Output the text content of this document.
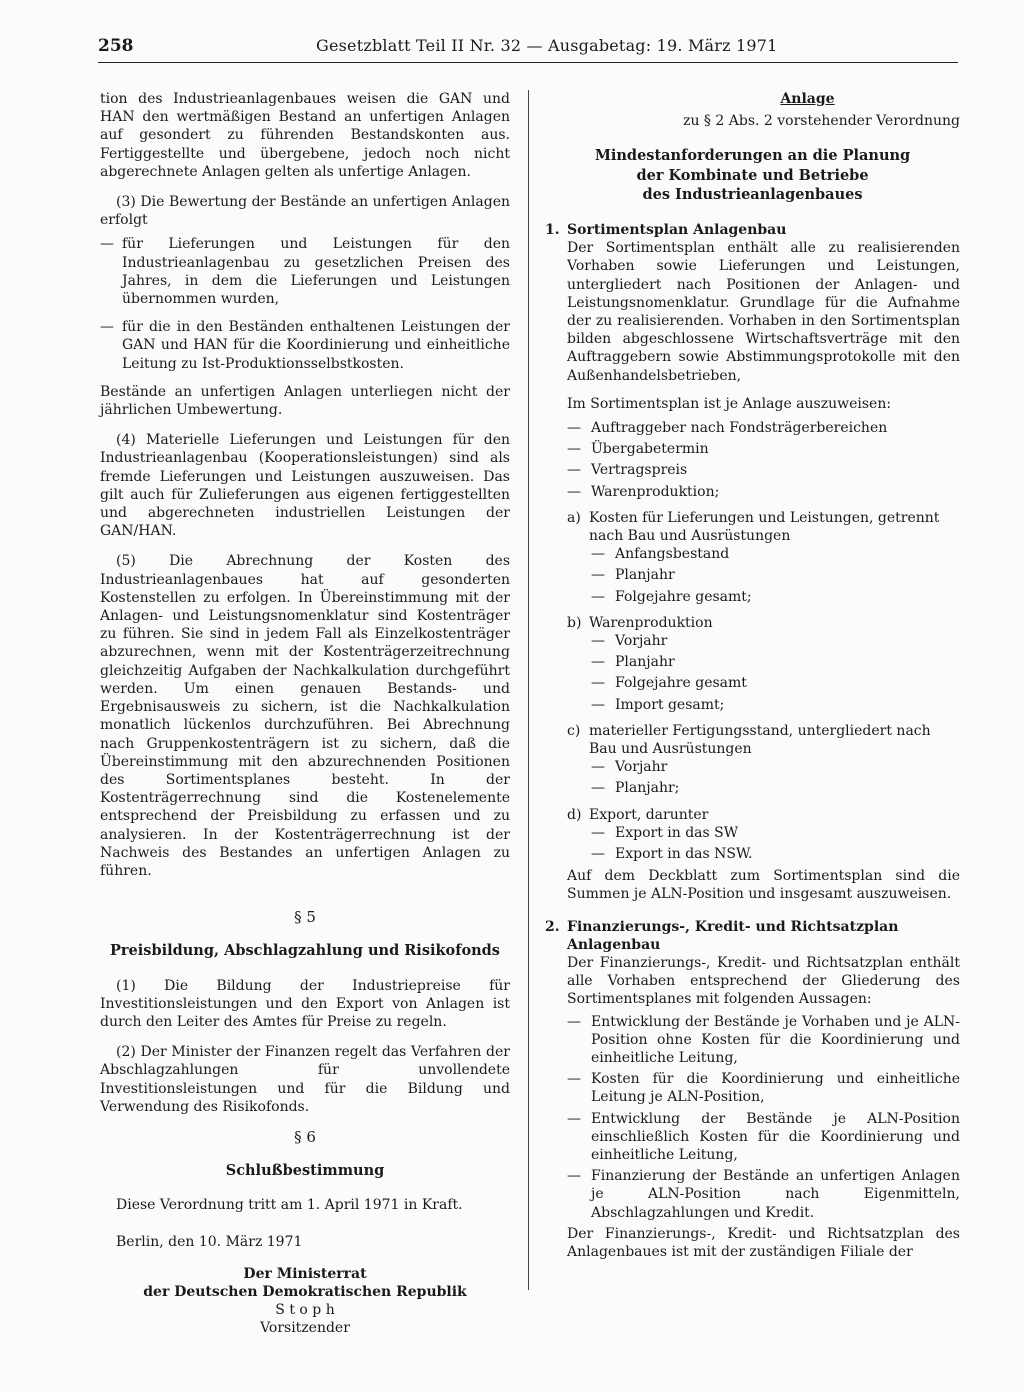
258	Gesetzblatt Teil II Nr. 32 — Ausgabetag: 19. März 1971

tion des Industrieanlagenbaues weisen die GAN und HAN den wertmäßigen Bestand an unfertigen Anlagen auf gesondert zu führenden Bestandskonten aus. Fertiggestellte und übergebene, jedoch noch nicht abgerechnete Anlagen gelten als unfertige Anlagen.

(3) Die Bewertung der Bestände an unfertigen Anlagen erfolgt

— für Lieferungen und Leistungen für den Industrieanlagenbau zu gesetzlichen Preisen des Jahres, in dem die Lieferungen und Leistungen übernommen wurden,
— für die in den Beständen enthaltenen Leistungen der GAN und HAN für die Koordinierung und einheitliche Leitung zu Ist-Produktionsselbstkosten.

Bestände an unfertigen Anlagen unterliegen nicht der jährlichen Umbewertung.

(4) Materielle Lieferungen und Leistungen für den Industrieanlagenbau (Kooperationsleistungen) sind als fremde Lieferungen und Leistungen auszuweisen. Das gilt auch für Zulieferungen aus eigenen fertiggestellten und abgerechneten industriellen Leistungen der GAN/HAN.

(5) Die Abrechnung der Kosten des Industrieanlagenbaues hat auf gesonderten Kostenstellen zu erfolgen. In Übereinstimmung mit der Anlagen- und Leistungsnomenklatur sind Kostenträger zu führen. Sie sind in jedem Fall als Einzelkostenträger abzurechnen, wenn mit der Kostenträgerzeitrechnung gleichzeitig Aufgaben der Nachkalkulation durchgeführt werden. Um einen genauen Bestands- und Ergebnisausweis zu sichern, ist die Nachkalkulation monatlich lückenlos durchzuführen. Bei Abrechnung nach Gruppenkostenträgern ist zu sichern, daß die Übereinstimmung mit den abzurechnenden Positionen des Sortimentsplanes besteht. In der Kostenträgerrechnung sind die Kostenelemente entsprechend der Preisbildung zu erfassen und zu analysieren. In der Kostenträgerrechnung ist der Nachweis des Bestandes an unfertigen Anlagen zu führen.

§ 5
Preisbildung, Abschlagzahlung und Risikofonds

(1) Die Bildung der Industriepreise für Investitionsleistungen und den Export von Anlagen ist durch den Leiter des Amtes für Preise zu regeln.

(2) Der Minister der Finanzen regelt das Verfahren der Abschlagzahlungen für unvollendete Investitionsleistungen und für die Bildung und Verwendung des Risikofonds.

§ 6
Schlußbestimmung

Diese Verordnung tritt am 1. April 1971 in Kraft.

Berlin, den 10. März 1971

Der Ministerrat

der Deutschen Demokratischen Republik

S t o p h

Vorsitzender

Anlage

zu § 2 Abs. 2 vorstehender Verordnung

Mindestanforderungen an die Planung
der Kombinate und Betriebe
des Industrieanlagenbaues
1. Sortimentsplan Anlagenbau

Der Sortimentsplan enthält alle zu realisierenden Vorhaben sowie Lieferungen und Leistungen, untergliedert nach Positionen der Anlagen- und Leistungsnomenklatur. Grundlage für die Aufnahme der zu realisierenden. Vorhaben in den Sortimentsplan bilden abgeschlossene Wirtschaftsverträge mit den Auftraggebern sowie Abstimmungsprotokolle mit den Außenhandelsbetrieben,

Im Sortimentsplan ist je Anlage auszuweisen:

— Auftraggeber nach Fondsträgerbereichen
— Übergabetermin
— Vertragspreis
— Warenproduktion;
a) Kosten für Lieferungen und Leistungen, getrennt nach Bau und Ausrüstungen
— Anfangsbestand
— Planjahr
— Folgejahre gesamt;
b) Warenproduktion
— Vorjahr
— Planjahr
— Folgejahre gesamt
— Import gesamt;
c) materieller Fertigungsstand, untergliedert nach Bau und Ausrüstungen
— Vorjahr
— Planjahr;
d) Export, darunter
— Export in das SW
— Export in das NSW.

Auf dem Deckblatt zum Sortimentsplan sind die Summen je ALN-Position und insgesamt auszuweisen.

2. Finanzierungs-, Kredit- und Richtsatzplan Anlagenbau

Der Finanzierungs-, Kredit- und Richtsatzplan enthält alle Vorhaben entsprechend der Gliederung des Sortimentsplanes mit folgenden Aussagen:

— Entwicklung der Bestände je Vorhaben und je ALN-Position ohne Kosten für die Koordinierung und einheitliche Leitung,
— Kosten für die Koordinierung und einheitliche Leitung je ALN-Position,
— Entwicklung der Bestände je ALN-Position einschließlich Kosten für die Koordinierung und einheitliche Leitung,
— Finanzierung der Bestände an unfertigen Anlagen je ALN-Position nach Eigenmitteln, Abschlagzahlungen und Kredit.

Der Finanzierungs-, Kredit- und Richtsatzplan des Anlagenbaues ist mit der zuständigen Filiale der
